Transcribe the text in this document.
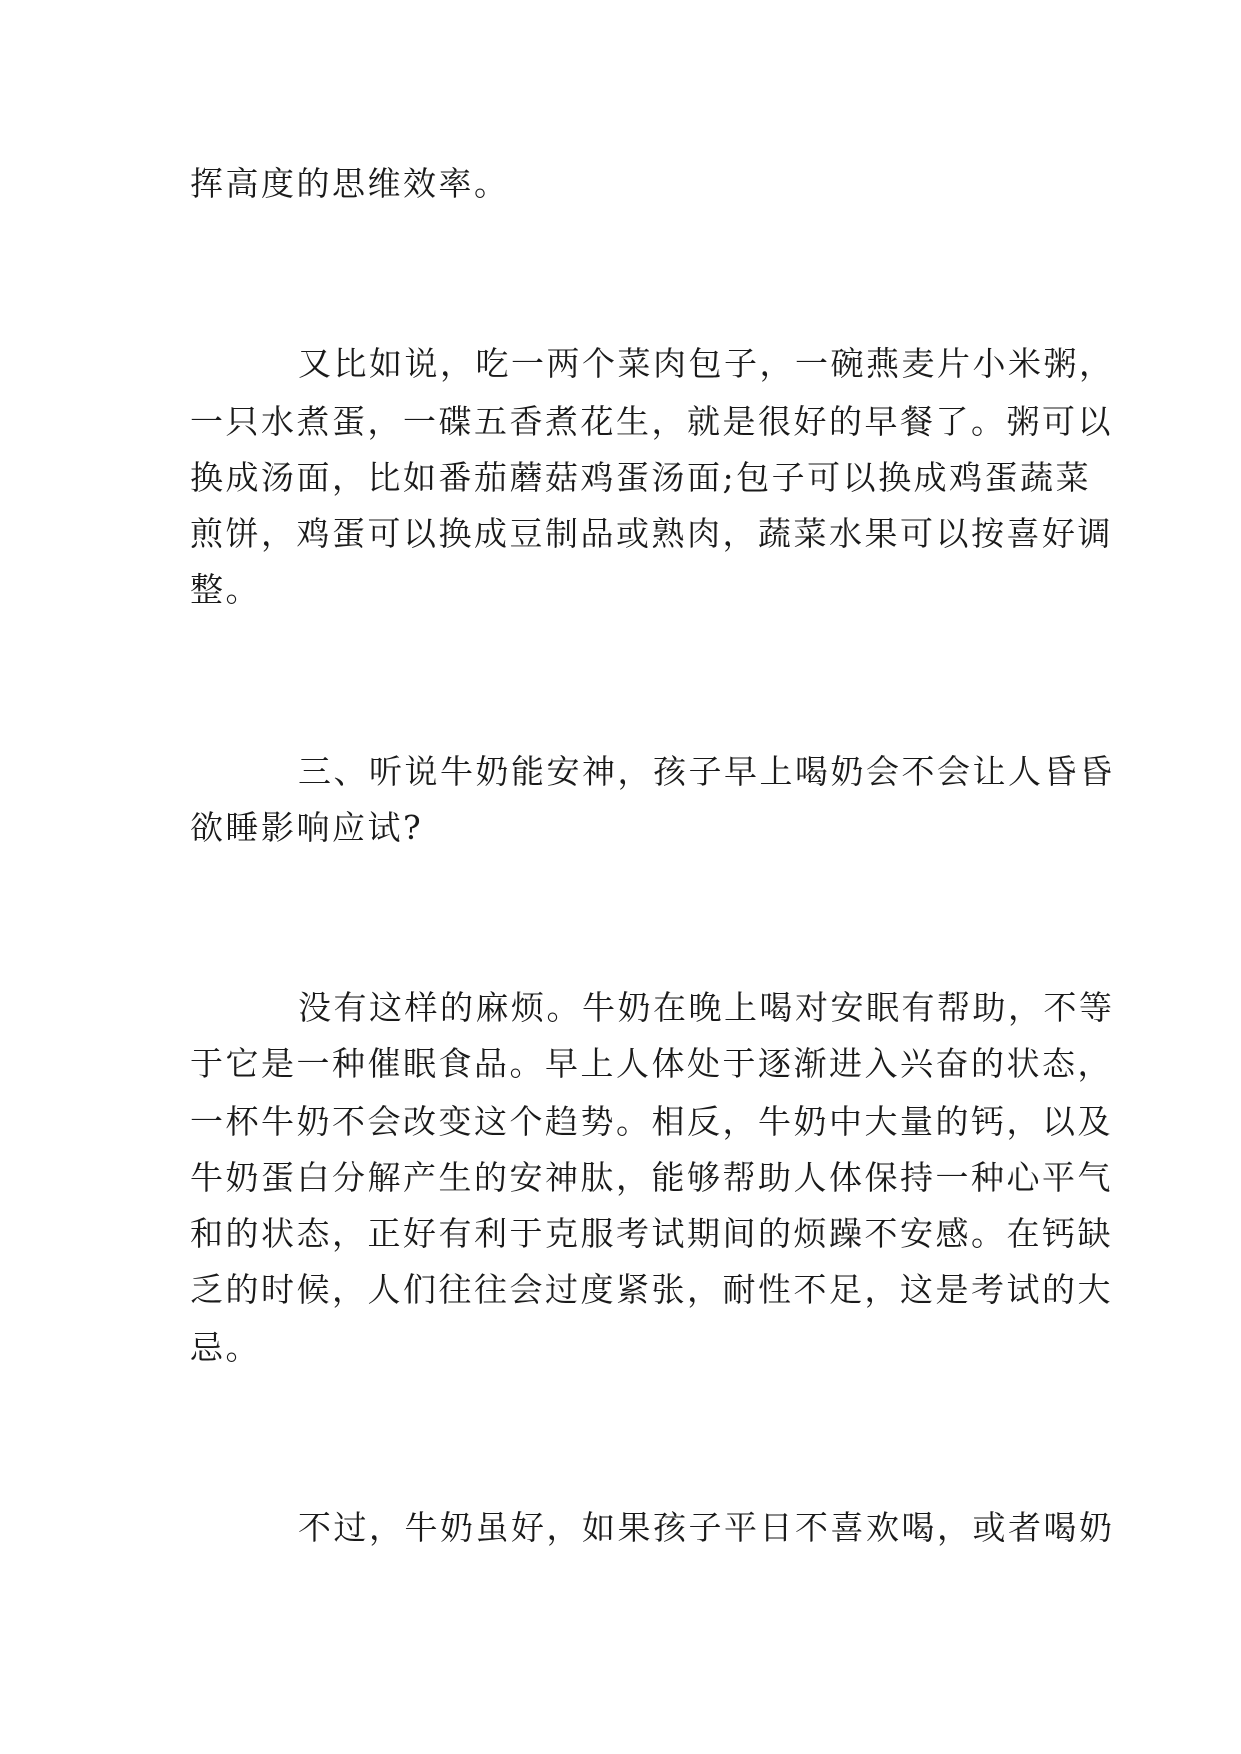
挥高度的思维效率。
又比如说，吃一两个菜肉包子，一碗燕麦片小米粥，
一只水煮蛋，一碟五香煮花生，就是很好的早餐了。粥可以
换成汤面，比如番茄蘑菇鸡蛋汤面;包子可以换成鸡蛋蔬菜
煎饼，鸡蛋可以换成豆制品或熟肉，蔬菜水果可以按喜好调
整。
三、听说牛奶能安神，孩子早上喝奶会不会让人昏昏
欲睡影响应试?
没有这样的麻烦。牛奶在晚上喝对安眠有帮助，不等
于它是一种催眠食品。早上人体处于逐渐进入兴奋的状态，
一杯牛奶不会改变这个趋势。相反，牛奶中大量的钙，以及
牛奶蛋白分解产生的安神肽，能够帮助人体保持一种心平气
和的状态，正好有利于克服考试期间的烦躁不安感。在钙缺
乏的时候，人们往往会过度紧张，耐性不足，这是考试的大
忌。
不过，牛奶虽好，如果孩子平日不喜欢喝，或者喝奶
